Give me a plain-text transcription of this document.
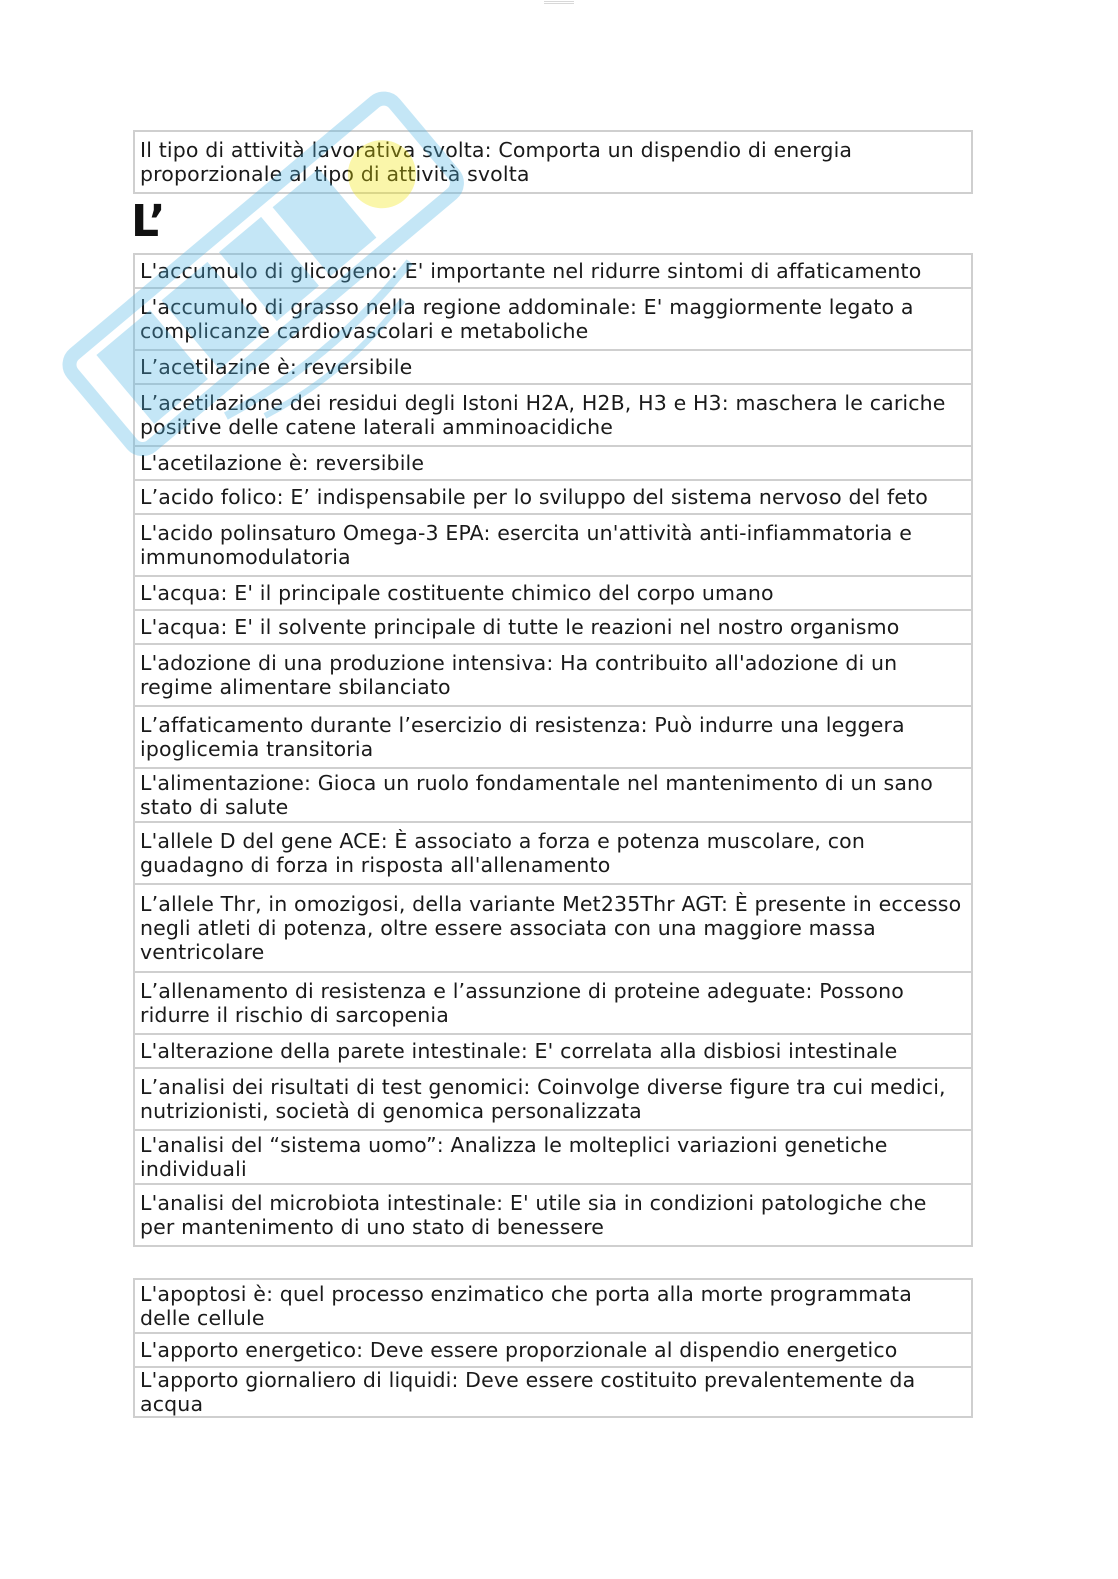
Il tipo di attività lavorativa svolta: Comporta un dispendio di energia proporzionale al tipo di attività svolta
L’
L'accumulo di glicogeno: E' importante nel ridurre sintomi di affaticamento
L'accumulo di grasso nella regione addominale: E' maggiormente legato a complicanze cardiovascolari e metaboliche
L’acetilazine è: reversibile
L’acetilazione dei residui degli Istoni H2A, H2B, H3 e H3: maschera le cariche positive delle catene laterali amminoacidiche
L'acetilazione è: reversibile
L’acido folico: E’ indispensabile per lo sviluppo del sistema nervoso del feto
L'acido polinsaturo Omega-3 EPA: esercita un'attività anti-infiammatoria e immunomodulatoria
L'acqua: E' il principale costituente chimico del corpo umano
L'acqua: E' il solvente principale di tutte le reazioni nel nostro organismo
L'adozione di una produzione intensiva: Ha contribuito all'adozione di un regime alimentare sbilanciato
L’affaticamento durante l’esercizio di resistenza: Può indurre una leggera ipoglicemia transitoria
L'alimentazione: Gioca un ruolo fondamentale nel mantenimento di un sano stato di salute
L'allele D del gene ACE: È associato a forza e potenza muscolare, con guadagno di forza in risposta all'allenamento
L’allele Thr, in omozigosi, della variante Met235Thr AGT: È presente in eccesso negli atleti di potenza, oltre essere associata con una maggiore massa ventricolare
L’allenamento di resistenza e l’assunzione di proteine adeguate: Possono ridurre il rischio di sarcopenia
L'alterazione della parete intestinale: E' correlata alla disbiosi intestinale
L’analisi dei risultati di test genomici: Coinvolge diverse figure tra cui medici, nutrizionisti, società di genomica personalizzata
L'analisi del “sistema uomo”: Analizza le molteplici variazioni genetiche individuali
L'analisi del microbiota intestinale: E' utile sia in condizioni patologiche che per mantenimento di uno stato di benessere
L'apoptosi è: quel processo enzimatico che porta alla morte programmata delle cellule
L'apporto energetico: Deve essere proporzionale al dispendio energetico
L'apporto giornaliero di liquidi: Deve essere costituito prevalentemente da acqua
